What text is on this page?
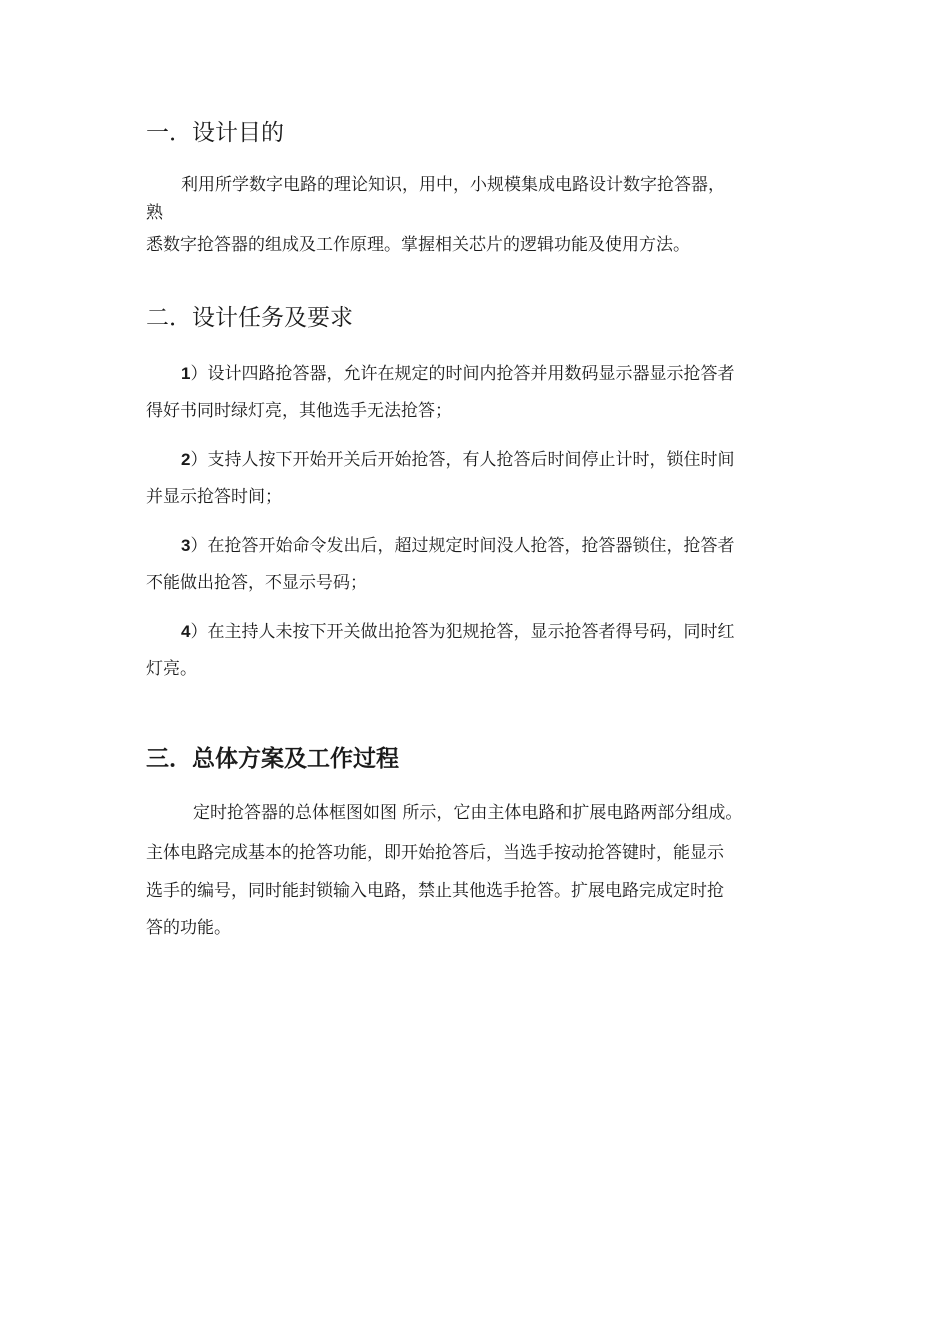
一．设计目的

利用所学数字电路的理论知识，用中，小规模集成电路设计数字抢答器，

熟

悉数字抢答器的组成及工作原理。掌握相关芯片的逻辑功能及使用方法。

二．设计任务及要求

1）设计四路抢答器，允许在规定的时间内抢答并用数码显示器显示抢答者

得好书同时绿灯亮，其他选手无法抢答；

2）支持人按下开始开关后开始抢答，有人抢答后时间停止计时，锁住时间

并显示抢答时间；

3）在抢答开始命令发出后，超过规定时间没人抢答，抢答器锁住，抢答者

不能做出抢答，不显示号码；

4）在主持人未按下开关做出抢答为犯规抢答，显示抢答者得号码，同时红

灯亮。

三．总体方案及工作过程

定时抢答器的总体框图如图 所示，它由主体电路和扩展电路两部分组成。

主体电路完成基本的抢答功能，即开始抢答后，当选手按动抢答键时，能显示

选手的编号，同时能封锁输入电路，禁止其他选手抢答。扩展电路完成定时抢

答的功能。
